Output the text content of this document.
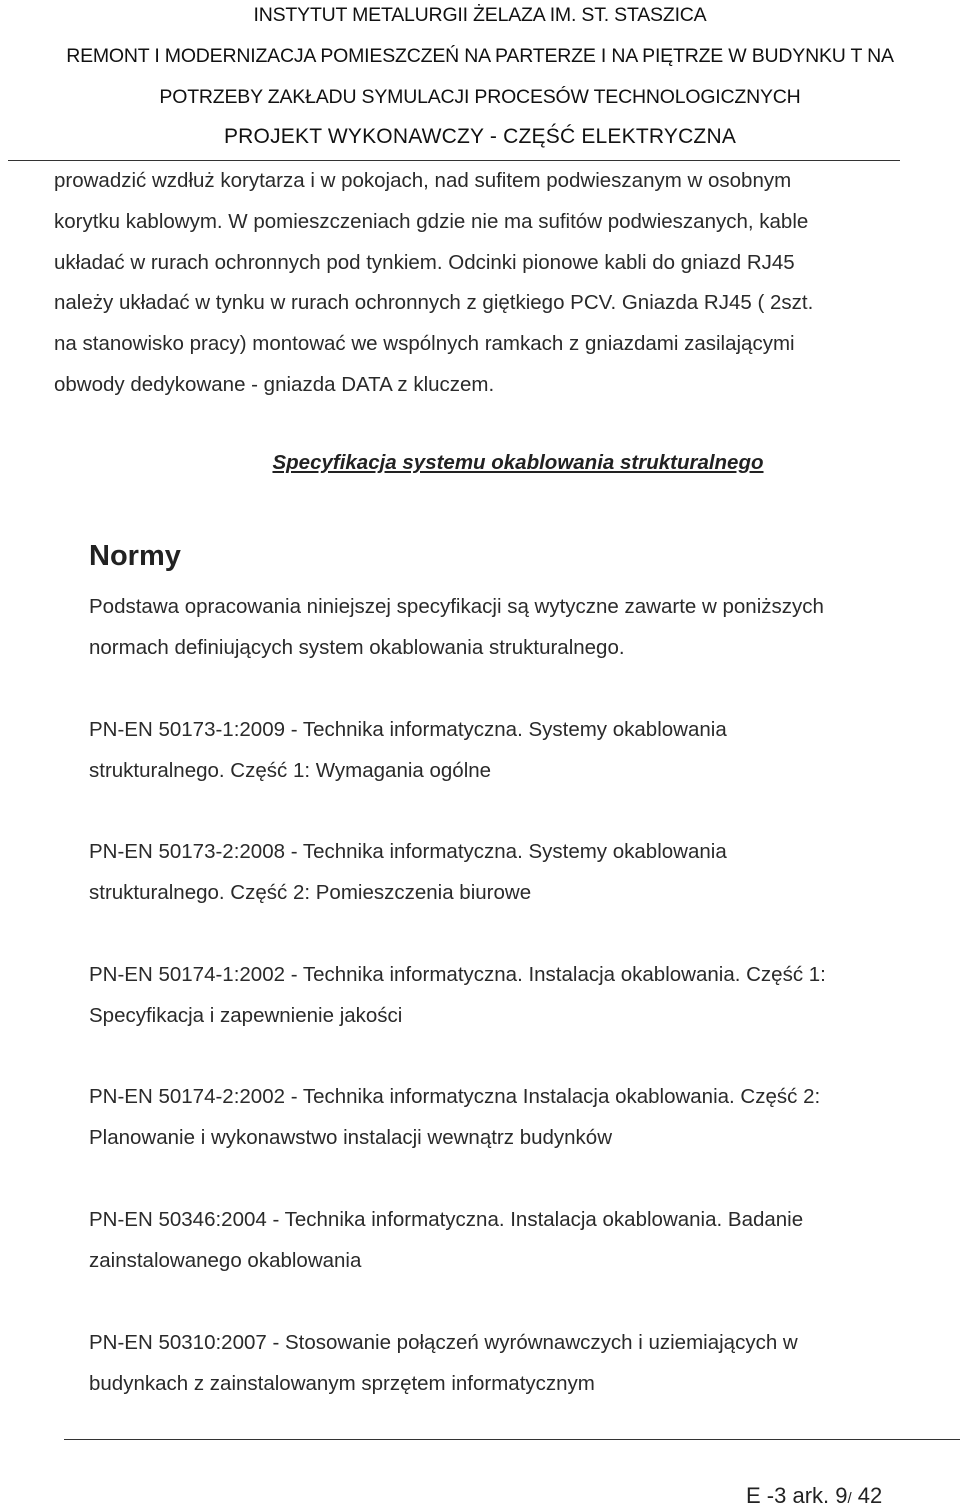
INSTYTUT METALURGII ŻELAZA IM. ST. STASZICA
REMONT I MODERNIZACJA POMIESZCZEŃ NA PARTERZE I NA PIĘTRZE W BUDYNKU T NA
POTRZEBY ZAKŁADU SYMULACJI PROCESÓW TECHNOLOGICZNYCH
PROJEKT WYKONAWCZY - CZĘŚĆ ELEKTRYCZNA
prowadzić wzdłuż korytarza i w pokojach, nad sufitem podwieszanym w osobnym
korytku kablowym. W pomieszczeniach gdzie nie ma sufitów podwieszanych, kable
układać w rurach ochronnych pod tynkiem. Odcinki pionowe kabli do gniazd RJ45
należy układać w tynku w rurach ochronnych z giętkiego PCV. Gniazda RJ45 ( 2szt.
na stanowisko pracy) montować we wspólnych ramkach z gniazdami zasilającymi
obwody dedykowane - gniazda DATA z kluczem.
Specyfikacja systemu okablowania strukturalnego
Normy
Podstawa opracowania niniejszej specyfikacji są wytyczne zawarte w poniższych
normach definiujących system okablowania strukturalnego.
PN-EN 50173-1:2009 - Technika informatyczna. Systemy okablowania
strukturalnego. Część 1: Wymagania ogólne
PN-EN 50173-2:2008 - Technika informatyczna. Systemy okablowania
strukturalnego. Część 2: Pomieszczenia biurowe
PN-EN 50174-1:2002 - Technika informatyczna. Instalacja okablowania. Część 1:
Specyfikacja i zapewnienie jakości
PN-EN 50174-2:2002 - Technika informatyczna Instalacja okablowania. Część 2:
Planowanie i wykonawstwo instalacji wewnątrz budynków
PN-EN 50346:2004 - Technika informatyczna. Instalacja okablowania. Badanie
zainstalowanego okablowania
PN-EN 50310:2007 - Stosowanie połączeń wyrównawczych i uziemiających w
budynkach z zainstalowanym sprzętem informatycznym
E -3 ark. 9/ 42
